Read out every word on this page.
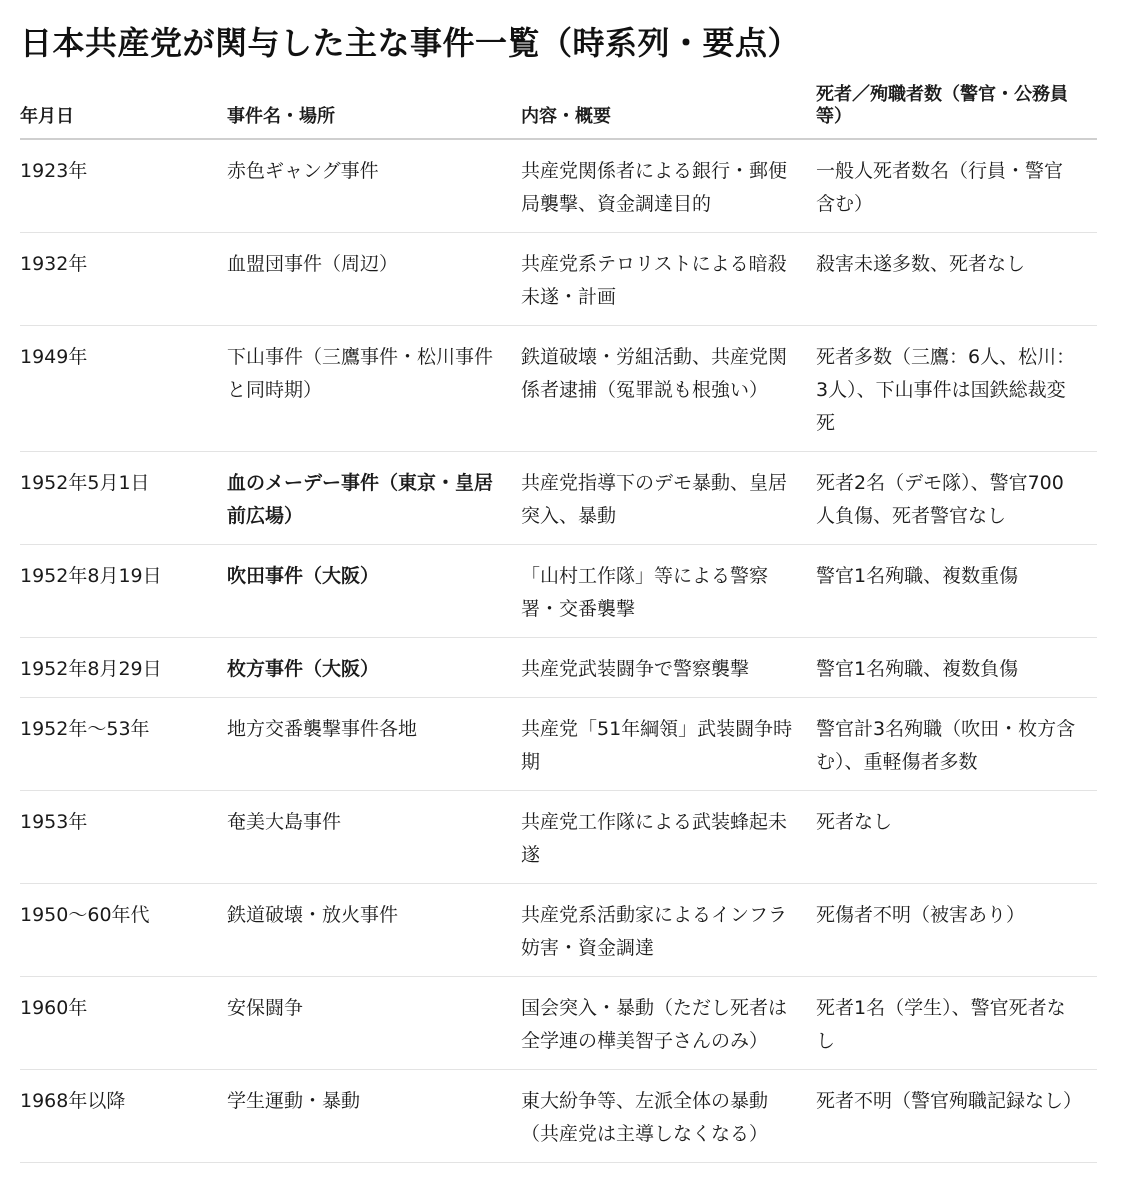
日本共産党が関与した主な事件一覧（時系列・要点）
年月日	事件名・場所	内容・概要	死者／殉職者数（警官・公務員等）
1923年	赤色ギャング事件	共産党関係者による銀行・郵便局襲撃、資金調達目的	一般人死者数名（行員・警官含む）
1932年	血盟団事件（周辺）	共産党系テロリストによる暗殺未遂・計画	殺害未遂多数、死者なし
1949年	下山事件（三鷹事件・松川事件と同時期）	鉄道破壊・労組活動、共産党関係者逮捕（冤罪説も根強い）	死者多数（三鷹：6人、松川：3人）、下山事件は国鉄総裁変死
1952年5月1日	血のメーデー事件（東京・皇居前広場）	共産党指導下のデモ暴動、皇居突入、暴動	死者2名（デモ隊）、警官700人負傷、死者警官なし
1952年8月19日	吹田事件（大阪）	「山村工作隊」等による警察署・交番襲撃	警官1名殉職、複数重傷
1952年8月29日	枚方事件（大阪）	共産党武装闘争で警察襲撃	警官1名殉職、複数負傷
1952年～53年	地方交番襲撃事件各地	共産党「51年綱領」武装闘争時期	警官計3名殉職（吹田・枚方含む）、重軽傷者多数
1953年	奄美大島事件	共産党工作隊による武装蜂起未遂	死者なし
1950～60年代	鉄道破壊・放火事件	共産党系活動家によるインフラ妨害・資金調達	死傷者不明（被害あり）
1960年	安保闘争	国会突入・暴動（ただし死者は全学連の樺美智子さんのみ）	死者1名（学生）、警官死者なし
1968年以降	学生運動・暴動	東大紛争等、左派全体の暴動（共産党は主導しなくなる）	死者不明（警官殉職記録なし）
